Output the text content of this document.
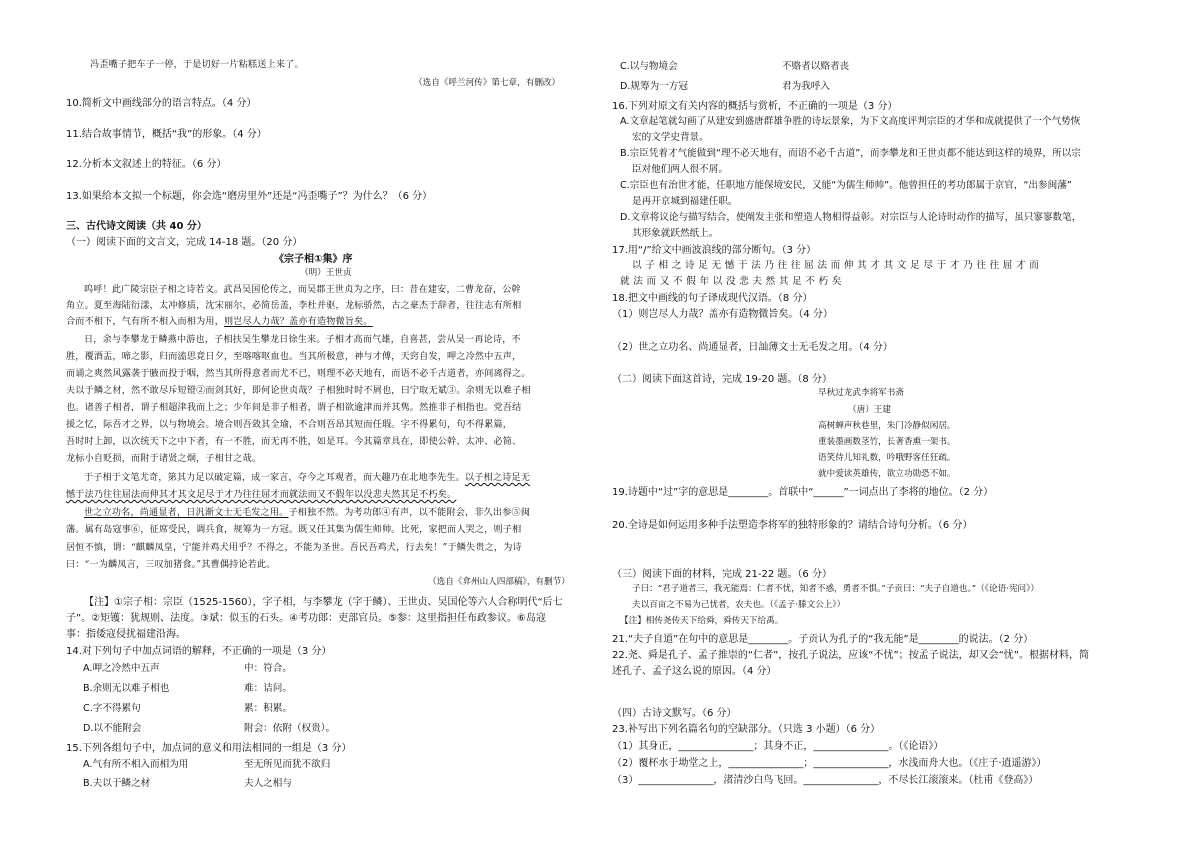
冯歪嘴子把车子一停，于是切好一片粘糕送上来了。
（选自《呼兰河传》第七章，有删改）
10.简析文中画线部分的语言特点。（4 分）
11.结合故事情节，概括“我”的形象。（4 分）
12.分析本文叙述上的特征。（6 分）
13.如果给本文拟一个标题，你会选“磨房里外”还是“冯歪嘴子”？为什么？（6 分）
三、古代诗文阅读（共 40 分）
（一）阅读下面的文言文，完成 14-18 题。（20 分）
《宗子相①集》序
（明）王世贞
呜呼！此广陵宗臣子相之诗若文。武昌吴国伦传之，而吴郡王世贞为之序，曰：昔在建安，二曹龙奋，公幹
角立。夏至海陆衍漾，太冲修质，沈宋丽尔，必简岳盖，李杜并驱，龙标骄然，古之豪杰于辞者，往往志有所相
合而不相下，气有所不相入而相为用，则岂尽人力哉？盖亦有造物微旨矣。
日，余与李攀龙于鳞燕中游也，子相扶吴生攀龙日徐生来。子相才高而气雄，自喜甚，尝从吴一再论诗，不
胜，覆酒盂，啼之影，归而溘思竟日夕，至喀喀呕血也。当其所极意，神与才傅，天窍自发，呷之冷然中五声，
而诵之爽然风露袭于腋而投于咽，然当其所得意者而尤不已，则理不必天地有，而语不必千古道者，亦间离得之。
夫以于鳞之材，然不敢尽斥短镫②而剑其好，即何论世贞哉？子相独时时不屑也，曰宁取无斌③。余则无以难子相
也。诸善子相者，谓子相超津我而上之；少年间是非子相者，谓子相欲逾津而并其隽。然推非子相指也。党吾结
援之忆，际吾才之界，以与物境会。境合则吾敛其全瑜，不合则吾昂其短而任瑕。字不得累句，句不得累篇，
吾时时上卸，以次统天下之中下者，有一不胜，而无再不胜，如是耳。今其篇章具在，即使公幹、太冲、必简、
龙标小自贬损，而附于诸贤之炯，子相甘之哉。
于子相于文笔尤奇，第其力足以破定篇，成一家言，夺今之耳观者，而大趣乃在北地李先生。以子相之诗足无
憾于法乃往往屈法而伸其才其文足尽于才乃往往屈才而就法而又不假年以没悲夫然其足不朽矣。
世之立功名，尚通显者，日汎渐文士无毛发之用。子相独不然。为考功郎④有声，以不能附会，非久出参⑤闽
藩。属有岛寇事⑥，征席受民，调兵食，规筹为一方冠。既又任其集为儒生师帅。比死，家把而人哭之，则子相
居恒不慎，谓：“麒麟凤皇，宁能并鸡犬用乎？不得之，不能为圣世。吾民吾鸡犬，行去矣！”于鳞失贵之，为诗
曰：“一为麟凤言，三叹加猪食。”其曹偶持论若此。
（选自《弇州山人四部稿》，有删节）
【注】①宗子相：宗臣（1525-1560），字子相，与李攀龙（字于鳞）、王世贞、吴国伦等六人合称明代“后七
子”。②矩镬：犹规则、法度。③斌：似玉的石头。④考功郎：吏部官员。⑤参：这里指担任布政参议。⑥岛寇
事：指倭寇侵扰福建沿海。
14.对下列句子中加点词语的解释，不正确的一项是（3 分）
A.呷之冷然中五声	中：符合。
B.余则无以难子相也	难：诘问。
C.字不得累句	累：积累。
D.以不能附会	附会：依附（权贵）。
15.下列各组句子中，加点词的意义和用法相同的一组是（3 分）
A.气有所不相入而相为用	至无所见而犹不欲归
B.夫以于鳞之材	夫人之相与
C.以与物境会	不赂者以赂者丧
D.规筹为一方冠	君为我呼入
16.下列对原文有关内容的概括与赏析，不正确的一项是（3 分）
A.文章起笔就勾画了从建安到盛唐群雄争胜的诗坛景象，为下文高度评判宗臣的才华和成就提供了一个气势恢
宏的文学史背景。
B.宗臣凭着才气能做到“理不必天地有，而语不必千古道”，而李攀龙和王世贞都不能达到这样的境界，所以宗
臣对他们两人很不屑。
C.宗臣也有治世才能，任职地方能保境安民，又能“为儒生师帅”。他曾担任的考功郎属于京官，“出参闽藩”
是再开京城到福建任职。
D.文章将议论与描写结合，使阐发主张和塑造人物相得益彰。对宗臣与人论诗时动作的描写，虽只寥寥数笔，
其形象就跃然纸上。
17.用“/”给文中画波浪线的部分断句。（3 分）
以 子 相 之 诗 足 无 憾 于 法 乃 往 往 屈 法 而 伸 其 才 其 文 足 尽 于 才 乃 往 往 屈 才 而
就 法 而 又 不 假 年 以 没 悲 夫 然 其 足 不 朽 矣
18.把文中画线的句子译成现代汉语。（8 分）
（1）则岂尽人力哉？盖亦有造物微旨矣。（4 分）
（2）世之立功名、尚通显者，日訕薄文士无毛发之用。（4 分）
（二）阅读下面这首诗，完成 19-20 题。（8 分）
早秋过龙武李将军书斋
（唐）王建
高树蝉声秋巷里，朱门冷静似闲居。
重装墨画数茎竹，长著香熏一架书。
语笑侍儿知礼数，吟哦野客任狂疏。
就中爱读英雄传，欲立功勋恐不如。
19.诗题中“过”字的意思是________。首联中“______”一词点出了李将的地位。（2 分）
20.全诗是如何运用多种手法塑造李将军的独特形象的？请结合诗句分析。（6 分）
（三）阅读下面的材料，完成 21-22 题。（6 分）
子曰：“君子道者三，我无能焉：仁者不忧，知者不惑，勇者不惧。”子贡曰：“夫子自道也。”（《论语·宪问》）
夫以百亩之不易为己忧者，农夫也。（《孟子·滕文公上》）
【注】相传尧传天下给舜，舜传天下给禹。
21.“夫子自道”在句中的意思是________。子贡认为孔子的“我无能”是________的说法。（2 分）
22.尧、舜是孔子、孟子推崇的“仁者”，按孔子说法，应该“不忧”；按孟子说法，却又会“忧”。根据材料，简
述孔子、孟子这么说的原因。（4 分）
（四）古诗文默写。（6 分）
23.补写出下列名篇名句的空缺部分。（只选 3 小题）（6 分）
（1）其身正，_______________；其身不正，_______________。（《论语》）
（2）覆杯水于坳堂之上，_______________；_______________，水浅而舟大也。（《庄子·逍遥游》）
（3）_______________，渚清沙白鸟飞回。_______________，不尽长江滚滚来。（杜甫《登高》）
